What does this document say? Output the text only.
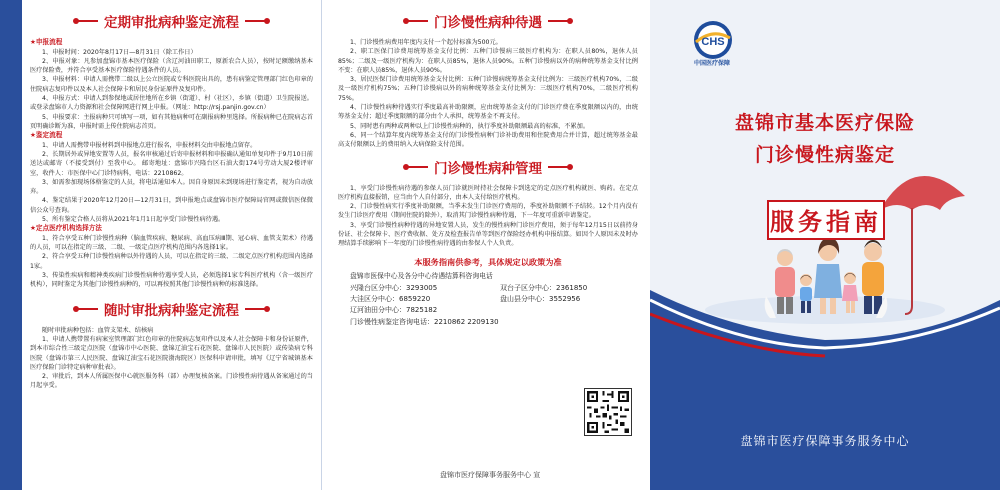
定期审批病种鉴定流程

★申报流程

1、申报时间：2020年8月17日—8月31日（除工作日）

2、申报对象：凡参加盘锦市基本医疗保险（含辽河油田职工，原新农合人员），按时足额缴纳基本医疗保险费，并符合享受基本医疗保险待遇条件的人员。

3、申报材料：申请人需携带二级以上公立医院或专科医院出具的，患有病鉴定管理部门红色印章的住院病志复印件以及本人社会保障卡和居民身份证原件及复印件。

4、申报方式：申请人到参保地或居住地所在乡镇（街道）、村（社区），乡镇（街道）卫生院报送。或登录盘锦市人力资源和社会保障网进行网上申报。（网址：http://rsj.panjin.gov.cn）

5、申报要求：主报病种只可填写一项，如有其他病种可在副报病种里选择。所报病种已在院病志首页明确诊断为准，申报时需上传住院病志首页。

★鉴定流程

1、申请人需携带申报材料到申报地点进行报名，申报材料交由申报地点留存。

2、长期居外或异地安置等人员，报名审核通过后寄申报材料和申报确认通知单复印件于9月10日前送达或邮寄（不接受到付）至我中心。 邮寄地址：盘锦市兴隆台区石油大街174号劳动大厦2楼评审室，收件人：市医保中心门诊特病科，电话：2210862。

3、如需参加现场体格鉴定的人员，将电话通知本人。因自身原因未到现场进行鉴定者，视为自动放弃。

4、鉴定结果于2020年12月20日—12月31日，到申报地点或盘锦市医疗保障局官网或微信医保微信公众号查询。

5、所有鉴定合格人员将从2021年1月1日起享受门诊慢性病待遇。

★定点医疗机构选择方法

1、符合享受五种门诊慢性病种（脑血管疾病、糖尿病、高血压病Ⅲ期、冠心病、血管支架术）待遇的人员，可以在指定的三级、二级、一级定点医疗机构范围内各选择1家。

2、符合享受五种门诊慢性病种以外待遇的人员，可以在指定的三级、二级定点医疗机构范围内选择1家。

3、传染性疾病和精神类疾病门诊慢性病种待遇享受人员，必须选择1家专科医疗机构（含一级医疗机构），同时鉴定为其他门诊慢性病种的，可以再按照其他门诊慢性病种的标准选择。

随时审批病种鉴定流程

随时审批病种包括：血管支架术、结核病

1、申请人携带置有病案室管理部门红色印章的住院病志复印件以及本人社会保障卡和身份证原件，到本市综合性三级定点医院（盘锦市中心医院、盘锦辽油宝石花医院、盘锦市人民医院）或传染病专科医院（盘锦市第三人民医院、盘锦辽油宝石花医院渤海院区）医保科申请审批，填写《辽宁省城镇基本医疗保险门诊特定病种审批表》。

2、审批后，到本人所属医保中心就医服务科（部）办理复核备案。门诊慢性病待遇从备案通过的当月起享受。

门诊慢性病种待遇

1、门诊慢性病费用年度内支付一个起付标准为500元。

2、职工医保门诊费用统筹基金支付比例：五种门诊慢病三级医疗机构为：在职人员80%，退休人员85%；二级及一级医疗机构为：在职人员85%，退休人员90%。五种门诊慢病以外的病种统筹基金支付比例不变：在职人员85%，退休人员90%。

3、居民医保门诊费用统筹基金支付比例：五种门诊慢病统筹基金支付比例为：三级医疗机构70%，二级及一级医疗机构75%；五种门诊慢病以外的病种统筹基金支付比例为：三级医疗机构70%，二级医疗机构75%。

4、门诊慢性病种待遇实行季度最高补助限额，应由统筹基金支付的门诊医疗费在季度限额以内的，由统筹基金支付；超过季度限额的部分由个人承担，统筹基金不再支付。

5、同时患有两种或两种以上门诊慢性病种的，执行季度补助限额最高的标准，不累加。

6、同一个结算年度内统筹基金支付的门诊慢性病种门诊补助费用和住院费用合并计算，超过统筹基金最高支付限额以上的费用纳入大病保险支付范围。

门诊慢性病种管理

1、享受门诊慢性病待遇的参保人员门诊就医时持社会保障卡到选定的定点医疗机构就医、购药。在定点医疗机构直接报销，应当由个人自付部分，由本人支付给医疗机构。

2、门诊慢性病实行季度补助限额，当季未发生门诊医疗费用的，季度补助限额不予结转。12个月内没有发生门诊医疗费用（期间住院的除外），取消其门诊慢性病种待遇，下一年度可重新申请鉴定。

3、享受门诊慢性病种待遇的异地安置人员，发生的慢性病种门诊医疗费用，须于每年12月15日以前持身份证、社会保障卡、医疗费收据、处方及检查报告单等到医疗保险经办机构申报结算。如因个人原因未及时办理结算手续影响下一年度的门诊慢性病待遇的由参保人个人负责。

本服务指南供参考，具体规定以政策为准

盘锦市医保中心及各分中心待遇结算科咨询电话

兴隆台区分中心：3293005	双台子区分中心：2361850
大洼区分中心：6859220	盘山县分中心：3552956
辽河油田分中心：7825182

门诊慢性病鉴定咨询电话：2210862 2209130

盘锦市医疗保障事务服务中心 宣
CHS
中国医疗保障
盘锦市基本医疗保险
门诊慢性病鉴定
服务指南
盘锦市医疗保障事务服务中心
